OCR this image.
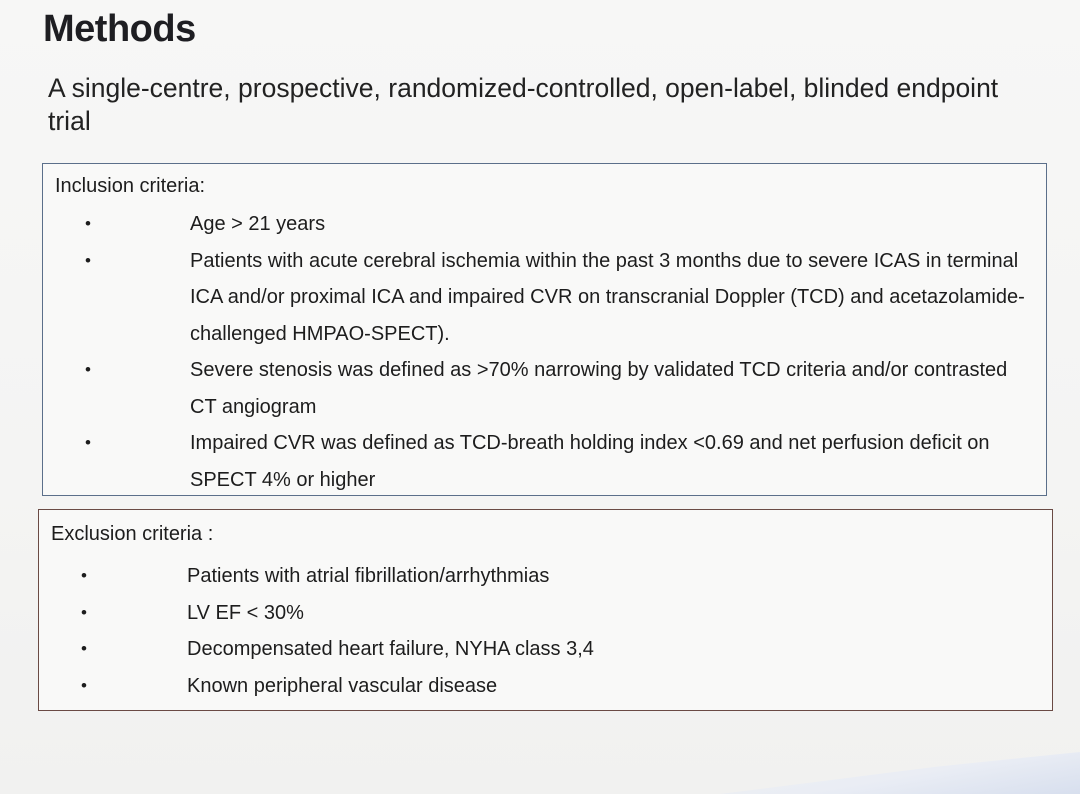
Methods

A single-centre, prospective, randomized-controlled, open-label, blinded endpoint trial

Inclusion criteria:

•	Age > 21 years
•	Patients with acute cerebral ischemia within the past 3 months due to severe ICAS in terminal ICA and/or proximal ICA and impaired CVR on transcranial Doppler (TCD) and acetazolamide-challenged HMPAO-SPECT).
•	Severe stenosis was defined as >70% narrowing by validated TCD criteria and/or contrasted CT angiogram
•	Impaired CVR was defined as TCD-breath holding index <0.69 and net perfusion deficit on SPECT 4% or higher

Exclusion criteria :

•	Patients with atrial fibrillation/arrhythmias
•	LV EF < 30%
•	Decompensated heart failure, NYHA class 3,4
•	Known peripheral vascular disease
